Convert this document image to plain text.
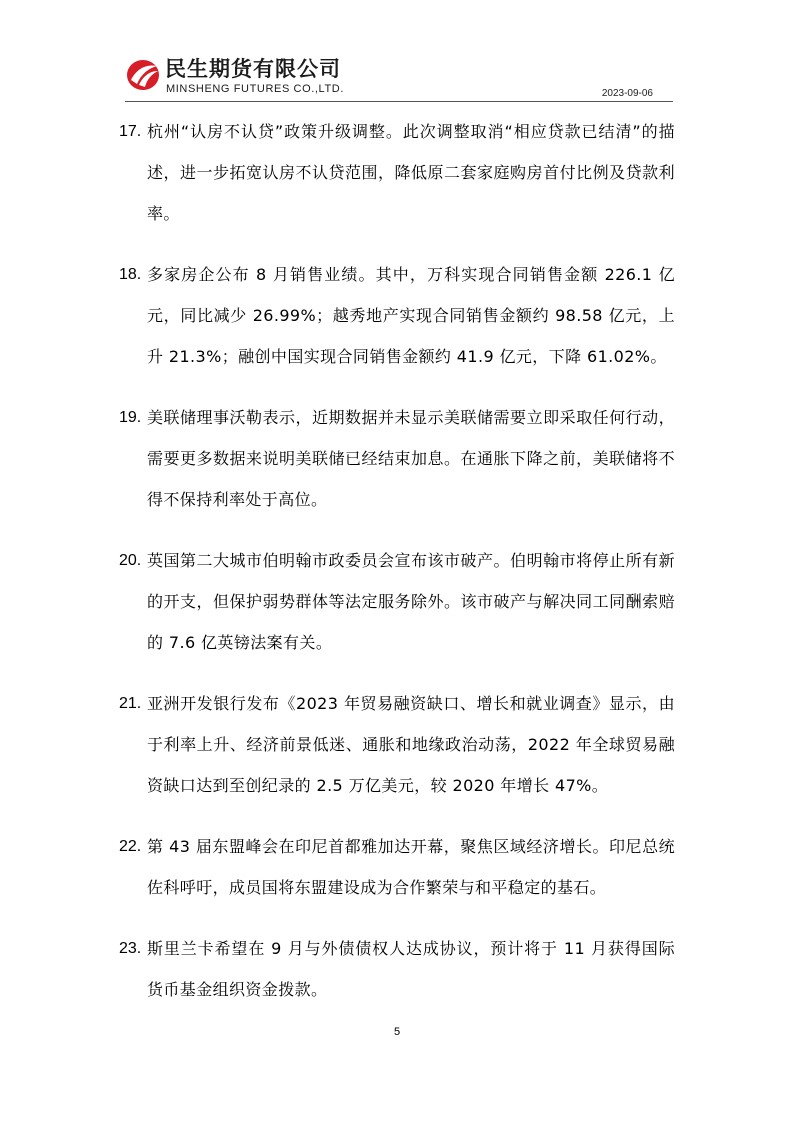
民生期货有限公司
MINSHENG FUTURES CO.,LTD.	2023-09-06
17. 杭州“认房不认贷”政策升级调整。此次调整取消“相应贷款已结清”的描述，进一步拓宽认房不认贷范围，降低原二套家庭购房首付比例及贷款利率。
18. 多家房企公布 8 月销售业绩。其中，万科实现合同销售金额 226.1 亿元，同比减少 26.99%；越秀地产实现合同销售金额约 98.58 亿元，上升 21.3%；融创中国实现合同销售金额约 41.9 亿元，下降 61.02%。
19. 美联储理事沃勒表示，近期数据并未显示美联储需要立即采取任何行动，需要更多数据来说明美联储已经结束加息。在通胀下降之前，美联储将不得不保持利率处于高位。
20. 英国第二大城市伯明翰市政委员会宣布该市破产。伯明翰市将停止所有新的开支，但保护弱势群体等法定服务除外。该市破产与解决同工同酬索赔的 7.6 亿英镑法案有关。
21. 亚洲开发银行发布《2023 年贸易融资缺口、增长和就业调查》显示，由于利率上升、经济前景低迷、通胀和地缘政治动荡，2022 年全球贸易融资缺口达到至创纪录的 2.5 万亿美元，较 2020 年增长 47%。
22. 第 43 届东盟峰会在印尼首都雅加达开幕，聚焦区域经济增长。印尼总统佐科呼吁，成员国将东盟建设成为合作繁荣与和平稳定的基石。
23. 斯里兰卡希望在 9 月与外债债权人达成协议，预计将于 11 月获得国际货币基金组织资金拨款。
5
